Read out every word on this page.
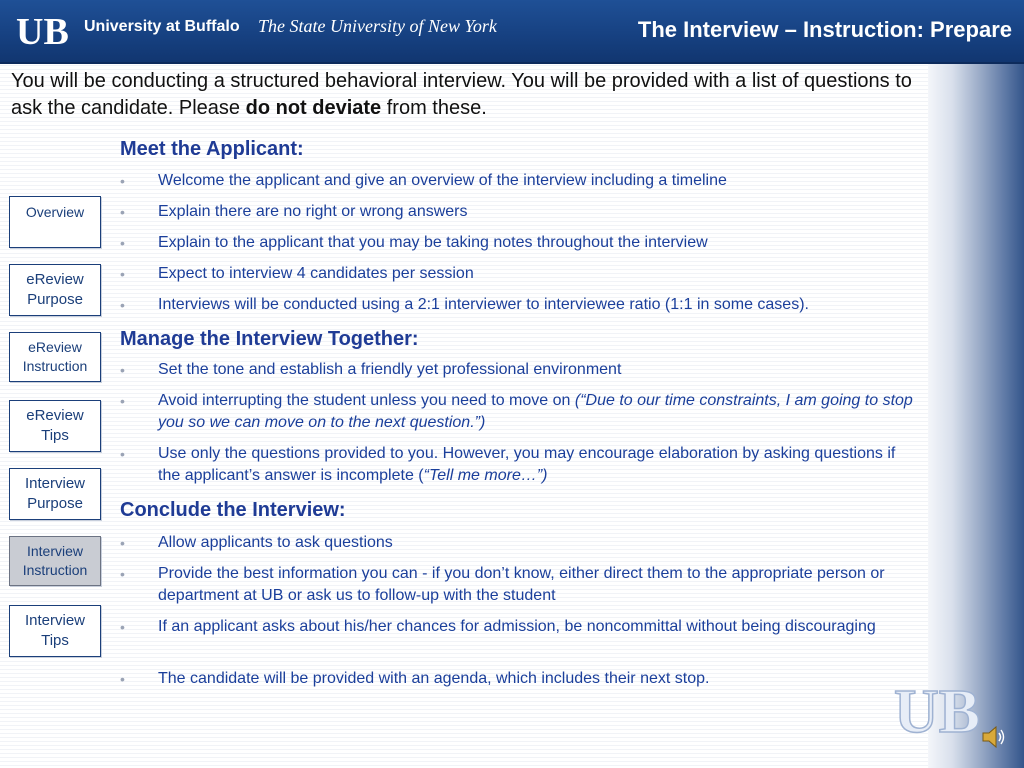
UB University at Buffalo The State University of New York	The Interview – Instruction: Prepare
You will be conducting a structured behavioral interview. You will be provided with a list of questions to ask the candidate. Please do not deviate from these.
Overview
eReview
Purpose
eReview
Instruction
eReview
Tips
Interview
Purpose
Interview
Instruction
Interview
Tips
Meet the Applicant:
• Welcome the applicant and give an overview of the interview including a timeline
• Explain there are no right or wrong answers
• Explain to the applicant that you may be taking notes throughout the interview
• Expect to interview 4 candidates per session
• Interviews will be conducted using a 2:1 interviewer to interviewee ratio (1:1 in some cases).
Manage the Interview Together:
• Set the tone and establish a friendly yet professional environment
• Avoid interrupting the student unless you need to move on (“Due to our time constraints, I am going to stop you so we can move on to the next question.”)
• Use only the questions provided to you. However, you may encourage elaboration by asking questions if the applicant’s answer is incomplete (“Tell me more…”)
Conclude the Interview:
• Allow applicants to ask questions
• Provide the best information you can - if you don’t know, either direct them to the appropriate person or department at UB or ask us to follow-up with the student
• If an applicant asks about his/her chances for admission, be noncommittal without being discouraging
• The candidate will be provided with an agenda, which includes their next stop.	UB
